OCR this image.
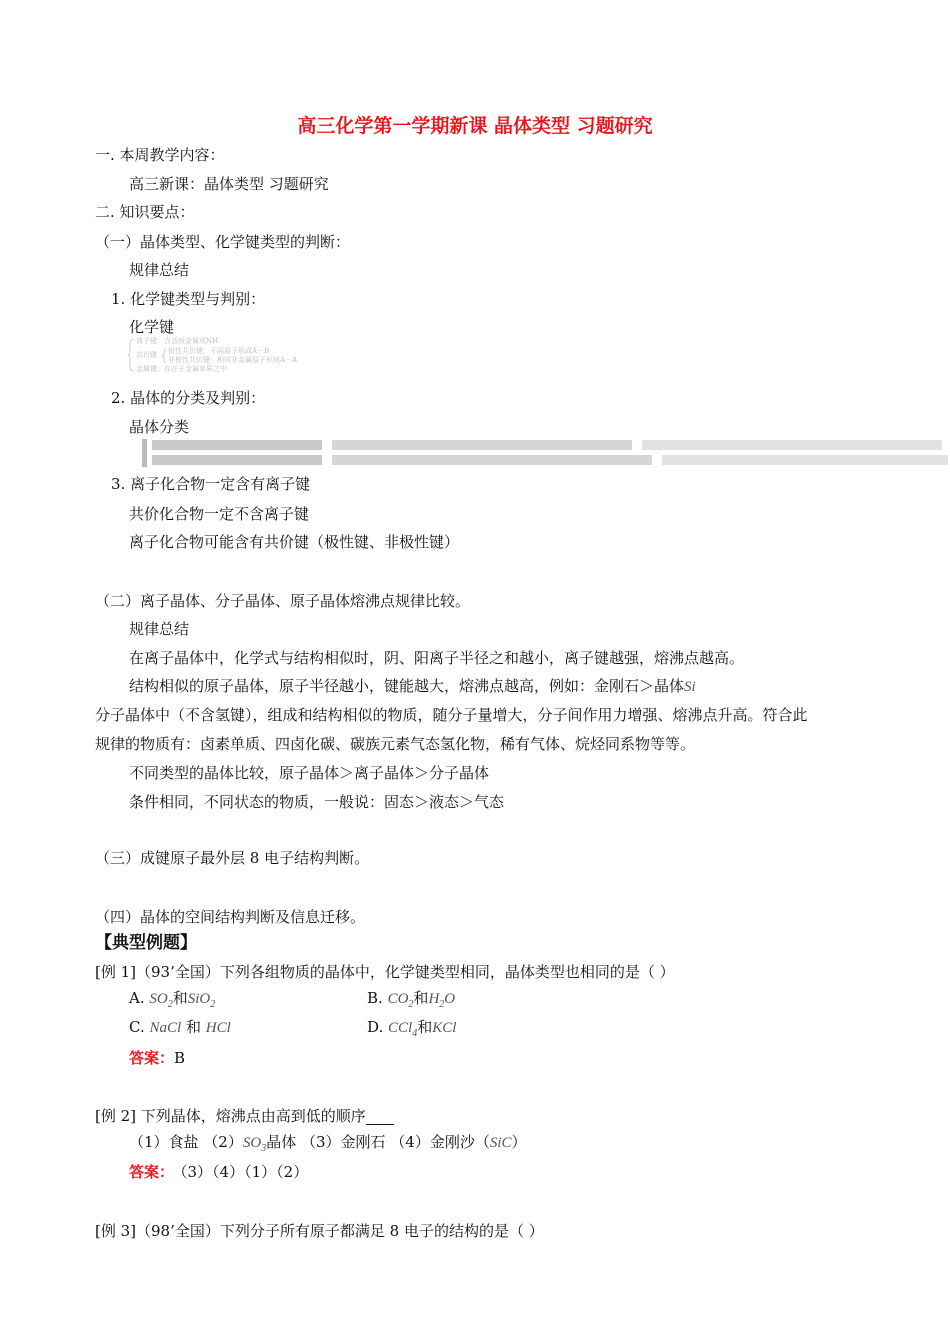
高三化学第一学期新课 晶体类型 习题研究
一. 本周教学内容：
高三新课：晶体类型 习题研究
二. 知识要点：
（一）晶体类型、化学键类型的判断：
规律总结
1. 化学键类型与判别：
化学键
离子键：含活泼金属或NH
共价键 极性共价键：不同原子形成A－B
非极性共价键：相同非金属原子形成A－A
金属键：存在于金属单质之中
2. 晶体的分类及判别：
晶体分类
3. 离子化合物一定含有离子键
共价化合物一定不含离子键
离子化合物可能含有共价键（极性键、非极性键）
（二）离子晶体、分子晶体、原子晶体熔沸点规律比较。
规律总结
在离子晶体中，化学式与结构相似时，阴、阳离子半径之和越小，离子键越强，熔沸点越高。
结构相似的原子晶体，原子半径越小，键能越大，熔沸点越高，例如：金刚石＞晶体Si
分子晶体中（不含氢键），组成和结构相似的物质，随分子量增大，分子间作用力增强、熔沸点升高。符合此
规律的物质有：卤素单质、四卤化碳、碳族元素气态氢化物，稀有气体、烷烃同系物等等。
不同类型的晶体比较，原子晶体＞离子晶体＞分子晶体
条件相同，不同状态的物质，一般说：固态＞液态＞气态
（三）成键原子最外层 8 电子结构判断。
（四）晶体的空间结构判断及信息迁移。
【典型例题】
[例 1]（93’全国）下列各组物质的晶体中，化学键类型相同，晶体类型也相同的是（ ）
A. $SO_2$和SiO$_2$	B. $CO_2$和$H_2O$
C. NaCl 和 HCl	D. CCl$_4$和KCl
答案：B
[例 2] 下列晶体，熔沸点由高到低的顺序
（1）食盐 $(2)SO_3$晶体 （3）金刚石 （4）金刚沙（SiC）
答案： （3）（4）（1）（2）
[例 3]（98’全国）下列分子所有原子都满足 8 电子的结构的是（ ）
